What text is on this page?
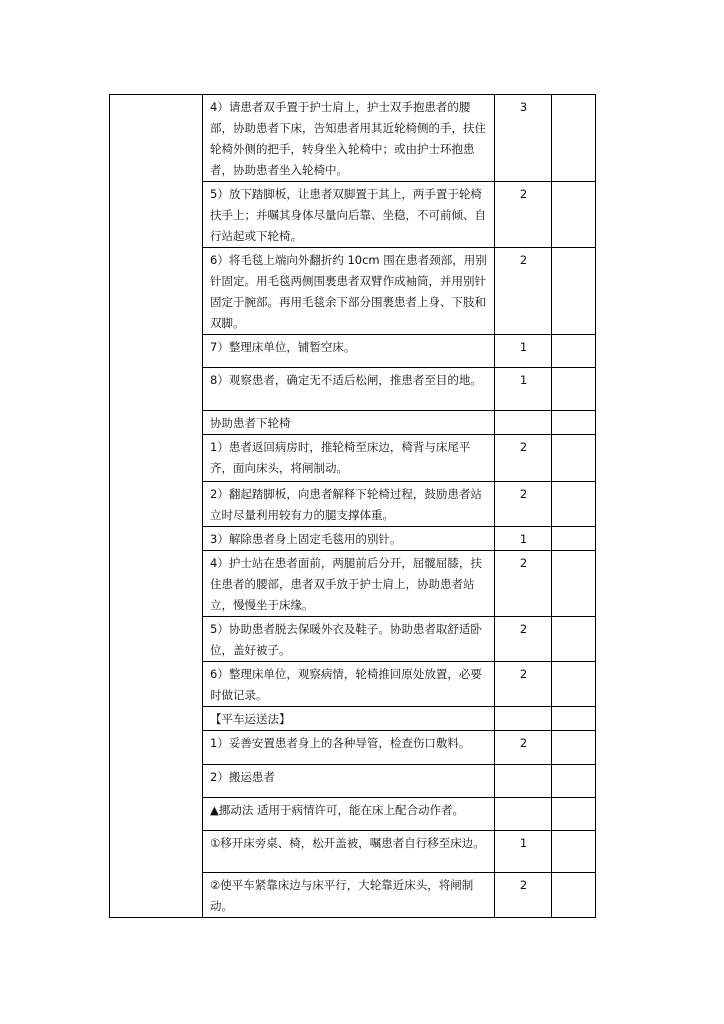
	4）请患者双手置于护士肩上，护士双手抱患者的腰部，协助患者下床，告知患者用其近轮椅侧的手，扶住轮椅外侧的把手，转身坐入轮椅中；或由护士环抱患者，协助患者坐入轮椅中。	3	
	5）放下踏脚板，让患者双脚置于其上，两手置于轮椅扶手上；并嘱其身体尽量向后靠、坐稳，不可前倾、自行站起或下轮椅。	2	
	6）将毛毯上端向外翻折约 10cm 围在患者颈部，用别针固定。用毛毯两侧围裹患者双臂作成袖筒，并用别针固定于腕部。再用毛毯余下部分围裹患者上身、下肢和双脚。	2	
	7）整理床单位，铺暂空床。	1	
	8）观察患者，确定无不适后松闸，推患者至目的地。	1	
	协助患者下轮椅		
	1）患者返回病房时，推轮椅至床边，椅背与床尾平齐，面向床头，将闸制动。	2	
	2）翻起踏脚板，向患者解释下轮椅过程，鼓励患者站立时尽量利用较有力的腿支撑体重。	2	
	3）解除患者身上固定毛毯用的别针。	1	
	4）护士站在患者面前，两腿前后分开，屈髋屈膝，扶住患者的腰部，患者双手放于护士肩上，协助患者站立，慢慢坐于床缘。	2	
	5）协助患者脱去保暖外衣及鞋子。协助患者取舒适卧位，盖好被子。	2	
	6）整理床单位，观察病情，轮椅推回原处放置，必要时做记录。	2	
	【平车运送法】		
	1）妥善安置患者身上的各种导管，检查伤口敷料。	2	
	2）搬运患者		
	▲挪动法 适用于病情许可，能在床上配合动作者。		
	①移开床旁桌、椅，松开盖被，嘱患者自行移至床边。	1	
	②使平车紧靠床边与床平行，大轮靠近床头，将闸制动。	2	
